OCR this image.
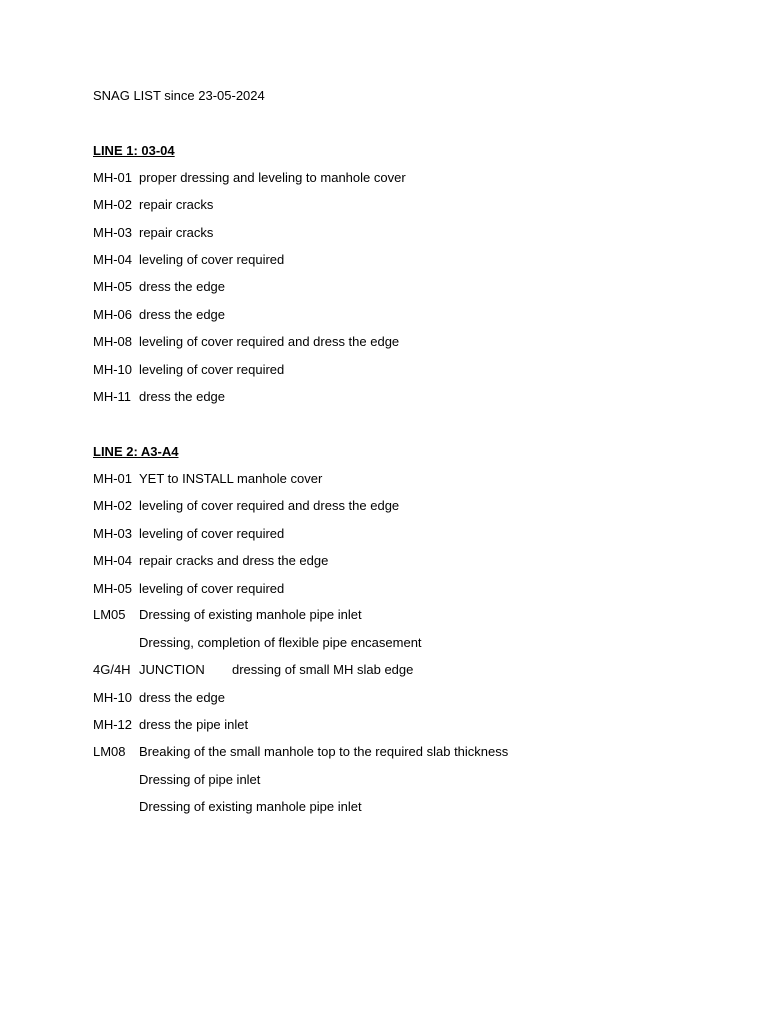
SNAG LIST since 23-05-2024
LINE 1: 03-04
MH-01 proper dressing and leveling to manhole cover
MH-02 repair cracks
MH-03 repair cracks
MH-04 leveling of cover required
MH-05 dress the edge
MH-06 dress the edge
MH-08 leveling of cover required and dress the edge
MH-10 leveling of cover required
MH-11 dress the edge
LINE 2: A3-A4
MH-01 YET to INSTALL manhole cover
MH-02 leveling of cover required and dress the edge
MH-03 leveling of cover required
MH-04 repair cracks and dress the edge
MH-05 leveling of cover required
LM05 Dressing of existing manhole pipe inlet
Dressing, completion of flexible pipe encasement
4G/4H JUNCTION dressing of small MH slab edge
MH-10 dress the edge
MH-12 dress the pipe inlet
LM08 Breaking of the small manhole top to the required slab thickness
Dressing of pipe inlet
Dressing of existing manhole pipe inlet
